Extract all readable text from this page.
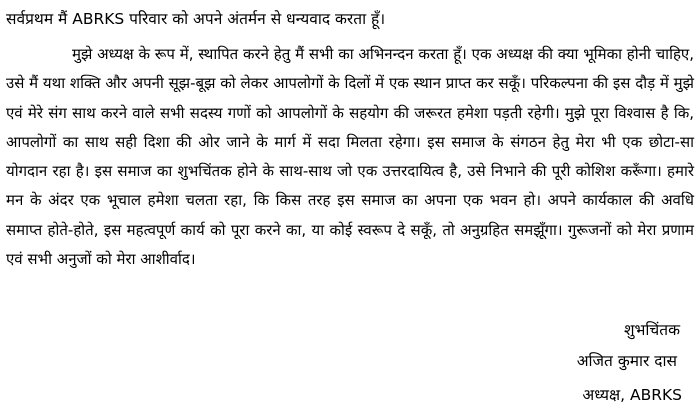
सर्वप्रथम मैं ABRKS परिवार को अपने अंतर्मन से धन्यवाद करता हूँ।

मुझे अध्यक्ष के रूप में, स्थापित करने हेतु मैं सभी का अभिनन्दन करता हूँ। एक अध्यक्ष की क्या भूमिका होनी चाहिए, उसे मैं यथा शक्ति और अपनी सूझ-बूझ को लेकर आपलोगों के दिलों में एक स्थान प्राप्त कर सकूँ। परिकल्पना की इस दौड़ में मुझे एवं मेरे संग साथ करने वाले सभी सदस्य गणों को आपलोगों के सहयोग की जरूरत हमेशा पड़ती रहेगी। मुझे पूरा विश्वास है कि, आपलोगों का साथ सही दिशा की ओर जाने के मार्ग में सदा मिलता रहेगा। इस समाज के संगठन हेतु मेरा भी एक छोटा-सा योगदान रहा है। इस समाज का शुभचिंतक होने के साथ-साथ जो एक उत्तरदायित्व है, उसे निभाने की पूरी कोशिश करूँगा। हमारे मन के अंदर एक भूचाल हमेशा चलता रहा, कि किस तरह इस समाज का अपना एक भवन हो। अपने कार्यकाल की अवधि समाप्त होते-होते, इस महत्वपूर्ण कार्य को पूरा करने का, या कोई स्वरूप दे सकूँ, तो अनुग्रहित समझूँगा। गुरूजनों को मेरा प्रणाम एवं सभी अनुजों को मेरा आशीर्वाद।

शुभचिंतक
अजित कुमार दास
अध्यक्ष, ABRKS
